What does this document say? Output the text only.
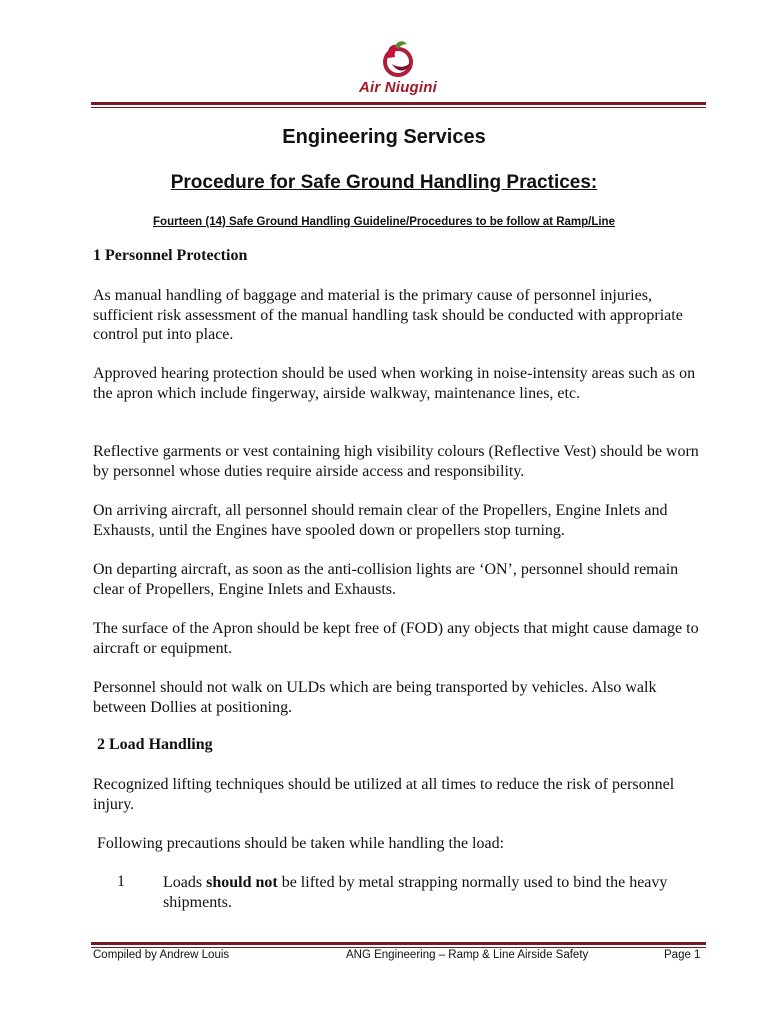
Air Niugini
Engineering Services
Procedure for Safe Ground Handling Practices:
Fourteen (14) Safe Ground Handling Guideline/Procedures to be follow at Ramp/Line
1 Personnel Protection
As manual handling of baggage and material is the primary cause of personnel injuries, sufficient risk assessment of the manual handling task should be conducted with appropriate control put into place.
Approved hearing protection should be used when working in noise-intensity areas such as on the apron which include fingerway, airside walkway, maintenance lines, etc.
Reflective garments or vest containing high visibility colours (Reflective Vest) should be worn by personnel whose duties require airside access and responsibility.
On arriving aircraft, all personnel should remain clear of the Propellers, Engine Inlets and Exhausts, until the Engines have spooled down or propellers stop turning.
On departing aircraft, as soon as the anti-collision lights are ‘ON’, personnel should remain clear of Propellers, Engine Inlets and Exhausts.
The surface of the Apron should be kept free of (FOD) any objects that might cause damage to aircraft or equipment.
Personnel should not walk on ULDs which are being transported by vehicles. Also walk between Dollies at positioning.
2 Load Handling
Recognized lifting techniques should be utilized at all times to reduce the risk of personnel injury.
Following precautions should be taken while handling the load:
1 Loads should not be lifted by metal strapping normally used to bind the heavy shipments.
Compiled by Andrew Louis	ANG Engineering – Ramp & Line Airside Safety	Page 1
